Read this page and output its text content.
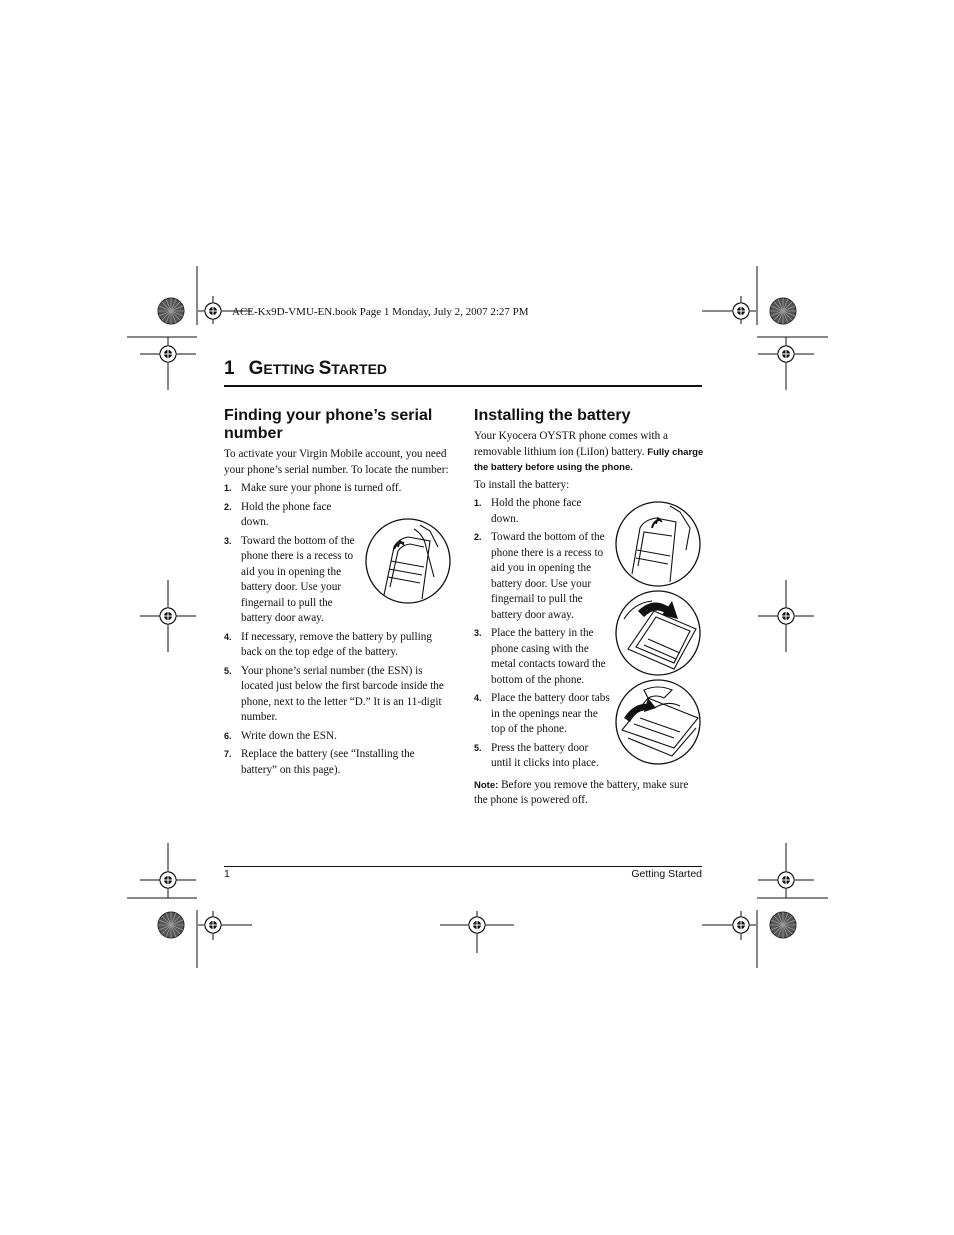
ACE-Kx9D-VMU-EN.book Page 1 Monday, July 2, 2007 2:27 PM
1 GETTING STARTED
Finding your phone’s serial number

To activate your Virgin Mobile account, you need your phone’s serial number. To locate the number:

1. Make sure your phone is turned off.
2. Hold the phone face down.
3. Toward the bottom of the phone there is a recess to aid you in opening the battery door. Use your fingernail to pull the battery door away.
4. If necessary, remove the battery by pulling back on the top edge of the battery.
5. Your phone’s serial number (the ESN) is located just below the first barcode inside the phone, next to the letter “D.” It is an 11-digit number.
6. Write down the ESN.
7. Replace the battery (see “Installing the battery” on this page).
Installing the battery

Your Kyocera OYSTR phone comes with a removable lithium ion (LiIon) battery. Fully charge the battery before using the phone.

To install the battery:

1. Hold the phone face down.
2. Toward the bottom of the phone there is a recess to aid you in opening the battery door. Use your fingernail to pull the battery door away.
3. Place the battery in the phone casing with the metal contacts toward the bottom of the phone.
4. Place the battery door tabs in the openings near the top of the phone.
5. Press the battery door until it clicks into place.

Note: Before you remove the battery, make sure the phone is powered off.

1	Getting Started
